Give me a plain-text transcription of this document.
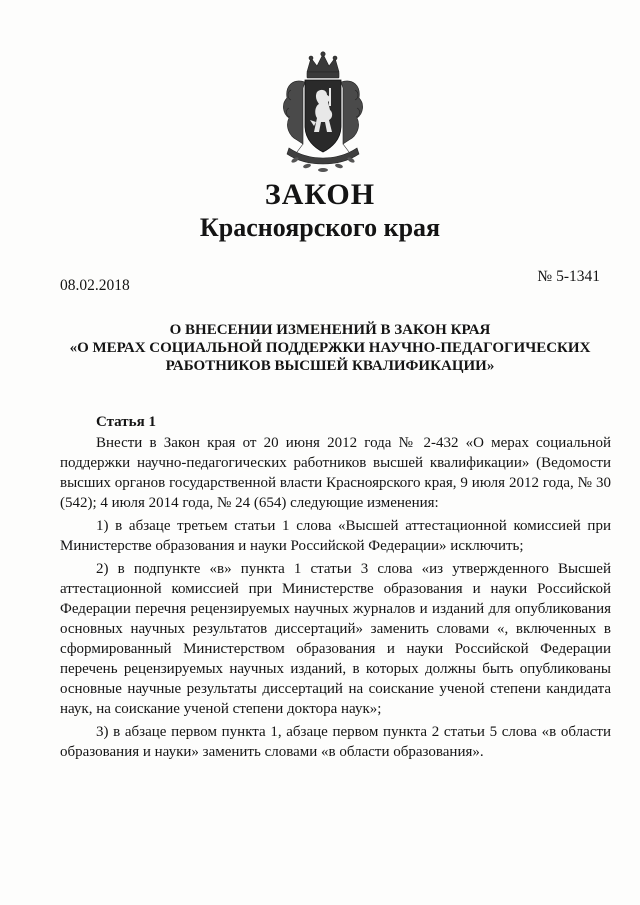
ЗАКОН
Красноярского края
08.02.2018
№ 5-1341
О ВНЕСЕНИИ ИЗМЕНЕНИЙ В ЗАКОН КРАЯ
«О МЕРАХ СОЦИАЛЬНОЙ ПОДДЕРЖКИ НАУЧНО-ПЕДАГОГИЧЕСКИХ
РАБОТНИКОВ ВЫСШЕЙ КВАЛИФИКАЦИИ»
Статья 1

Внести в Закон края от 20 июня 2012 года № 2-432 «О мерах социальной поддержки научно-педагогических работников высшей квалификации» (Ведомости высших органов государственной власти Красноярского края, 9 июля 2012 года, № 30 (542); 4 июля 2014 года, № 24 (654) следующие изменения:

1) в абзаце третьем статьи 1 слова «Высшей аттестационной комиссией при Министерстве образования и науки Российской Федерации» исключить;

2) в подпункте «в» пункта 1 статьи 3 слова «из утвержденного Высшей аттестационной комиссией при Министерстве образования и науки Российской Федерации перечня рецензируемых научных журналов и изданий для опубликования основных научных результатов диссертаций» заменить словами «, включенных в сформированный Министерством образования и науки Российской Федерации перечень рецензируемых научных изданий, в которых должны быть опубликованы основные научные результаты диссертаций на соискание ученой степени кандидата наук, на соискание ученой степени доктора наук»;

3) в абзаце первом пункта 1, абзаце первом пункта 2 статьи 5 слова «в области образования и науки» заменить словами «в области образования».
